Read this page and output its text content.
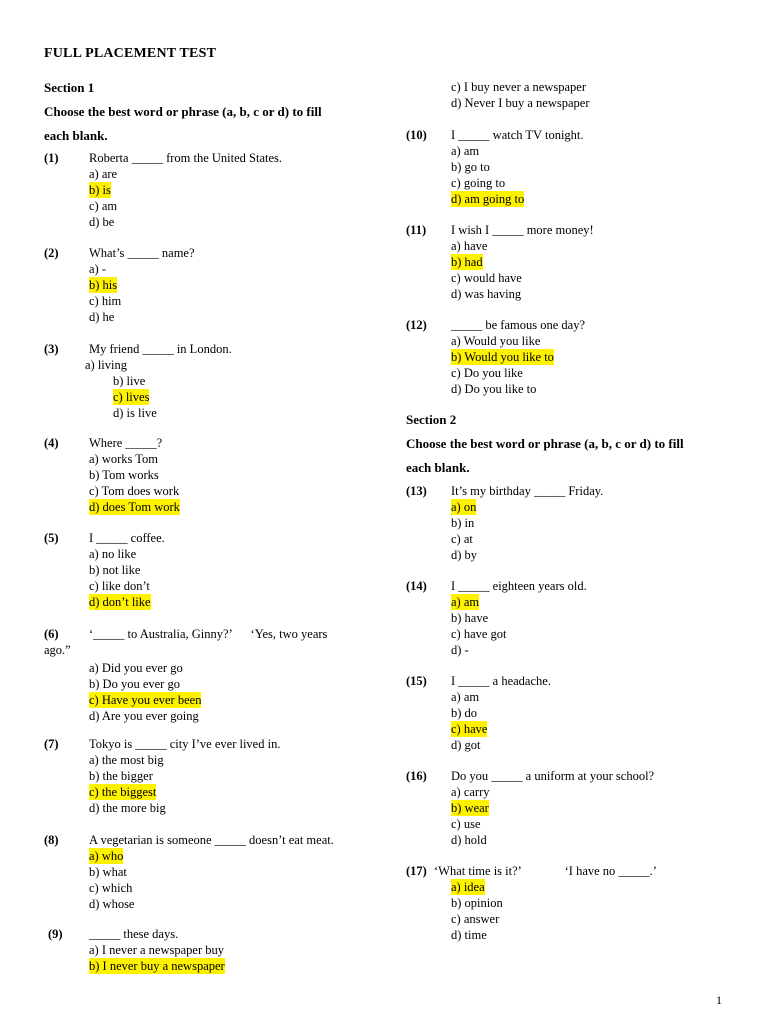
FULL PLACEMENT TEST
Section 1
Choose the best word or phrase (a, b, c or d) to fill
each blank.
(1) Roberta _____ from the United States.
a) are
b) is
c) am
d) be
(2) What’s _____ name?
a) -
b) his
c) him
d) he
(3) My friend _____ in London.
a) living
b) live
c) lives
d) is live
(4) Where _____?
a) works Tom
b) Tom works
c) Tom does work
d) does Tom work
(5) I _____ coffee.
a) no like
b) not like
c) like don’t
d) don’t like
(6) ‘_____ to Australia, Ginny?’      ‘Yes, two years
ago.”
a) Did you ever go
b) Do you ever go
c) Have you ever been
d) Are you ever going
(7) Tokyo is _____ city I’ve ever lived in.
a) the most big
b) the bigger
c) the biggest
d) the more big
(8) A vegetarian is someone _____ doesn’t eat meat.
a) who
b) what
c) which
d) whose
(9) _____ these days.
a) I never a newspaper buy
b) I never buy a newspaper
c) I buy never a newspaper
d) Never I buy a newspaper
(10) I _____ watch TV tonight.
a) am
b) go to
c) going to
d) am going to
(11) I wish I _____ more money!
a) have
b) had
c) would have
d) was having
(12) _____ be famous one day?
a) Would you like
b) Would you like to
c) Do you like
d) Do you like to
Section 2
Choose the best word or phrase (a, b, c or d) to fill
each blank.
(13) It’s my birthday _____ Friday.
a) on
b) in
c) at
d) by
(14) I _____ eighteen years old.
a) am
b) have
c) have got
d) -
(15) I _____ a headache.
a) am
b) do
c) have
d) got
(16) Do you _____ a uniform at your school?
a) carry
b) wear
c) use
d) hold
(17) ‘What time is it?’              ‘I have no _____.’
a) idea
b) opinion
c) answer
d) time
1
